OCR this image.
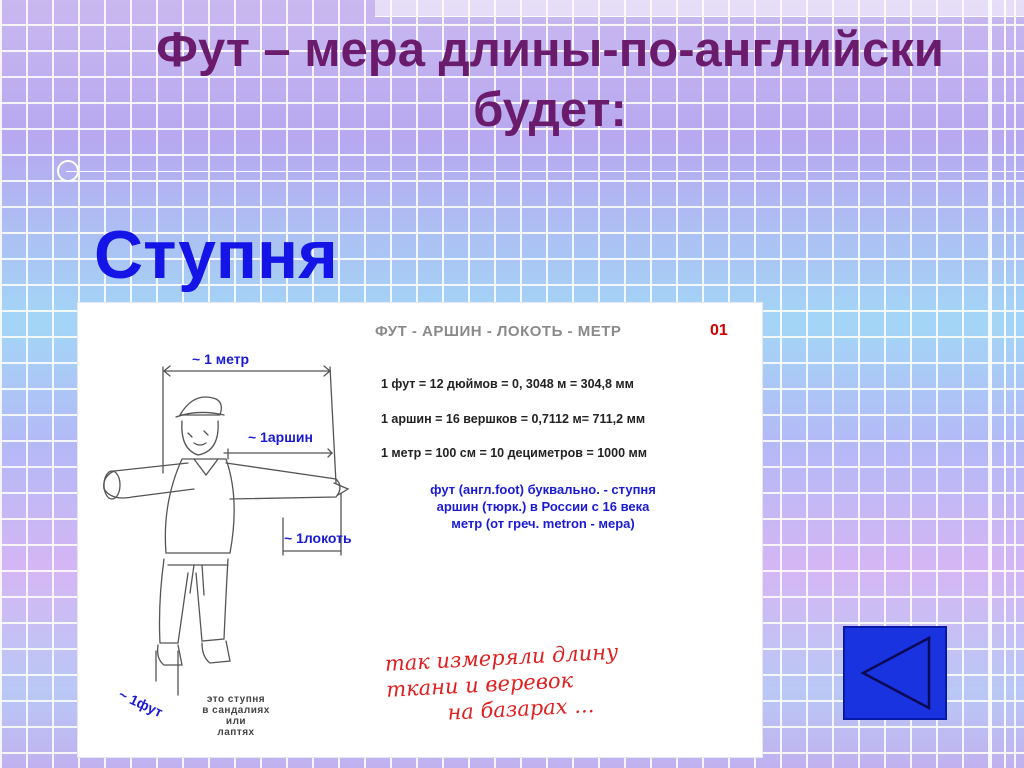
Фут – мера длины-по-английски будет:
Ступня
ФУТ - АРШИН - ЛОКОТЬ - МЕТР	01

1 фут = 12 дюймов = 0, 3048 м = 304,8 мм

1 аршин = 16 вершков = 0,7112 м= 711,2 мм

1 метр = 100 см = 10 дециметров = 1000 мм

фут (англ.foot) буквально. - ступня
аршин (тюрк.) в России с 16 века
метр (от греч. metron - мера)
~ 1 метр
~ 1аршин
~ 1локоть
~ 1фут	это ступня
в сандалиях
или
лаптях
так измеряли длину
ткани и веревок
на базарах ...
